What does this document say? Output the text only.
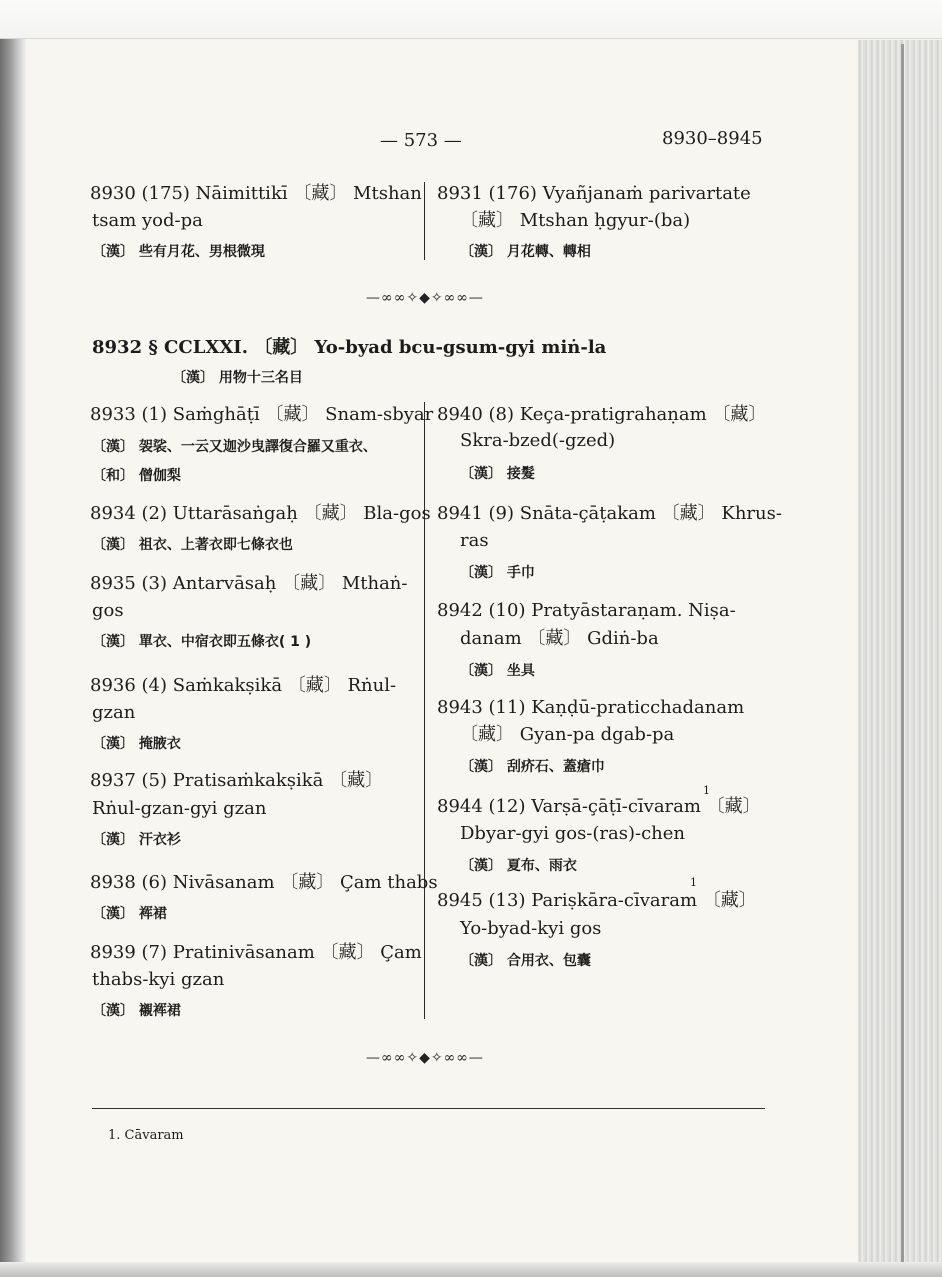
— 573 —	8930–8945
8930 (175) Nāimittikī 〔藏〕 Mtshan
tsam yod-pa
〔漢〕 些有月花、男根微現
8931 (176) Vyañjanaṁ parivartate
〔藏〕 Mtshan ḥgyur-(ba)
〔漢〕 月花轉、轉相
—∞∞✧◆✧∞∞—
8932 § CCLXXI. 〔藏〕 Yo-byad bcu-gsum-gyi miṅ-la
〔漢〕 用物十三名目
8933 (1) Saṁghāṭī 〔藏〕 Snam-sbyar
〔漢〕 袈裟、一云又迦沙曳譯復合羅又重衣、
〔和〕 僧伽梨
8934 (2) Uttarāsaṅgaḥ 〔藏〕 Bla-gos
〔漢〕 祖衣、上著衣即七條衣也
8935 (3) Antarvāsaḥ 〔藏〕 Mthaṅ-
gos
〔漢〕 單衣、中宿衣即五條衣( 1 )
8936 (4) Saṁkakṣikā 〔藏〕 Rṅul-
gzan
〔漢〕 掩腋衣
8937 (5) Pratisaṁkakṣikā 〔藏〕
Rṅul-gzan-gyi gzan
〔漢〕 汗衣衫
8938 (6) Nivāsanam 〔藏〕 Çam thabs
〔漢〕 裈裙
8939 (7) Pratinivāsanam 〔藏〕 Çam
thabs-kyi gzan
〔漢〕 襯裈裙
8940 (8) Keça-pratigrahaṇam 〔藏〕
Skra-bzed(-gzed)
〔漢〕 接髮
8941 (9) Snāta-çāṭakam 〔藏〕 Khrus-
ras
〔漢〕 手巾
8942 (10) Pratyāstaraṇam. Niṣa-
danam 〔藏〕 Gdiṅ-ba
〔漢〕 坐具
8943 (11) Kaṇḍū-praticchadanam
〔藏〕 Gyan-pa dgab-pa
〔漢〕 刮疥石、蓋瘡巾
1
8944 (12) Varṣā-çāṭī-cīvaram 〔藏〕
Dbyar-gyi gos-(ras)-chen
〔漢〕 夏布、雨衣
1
8945 (13) Pariṣkāra-cīvaram 〔藏〕
Yo-byad-kyi gos
〔漢〕 合用衣、包囊
—∞∞✧◆✧∞∞—
1. Cāvaram
